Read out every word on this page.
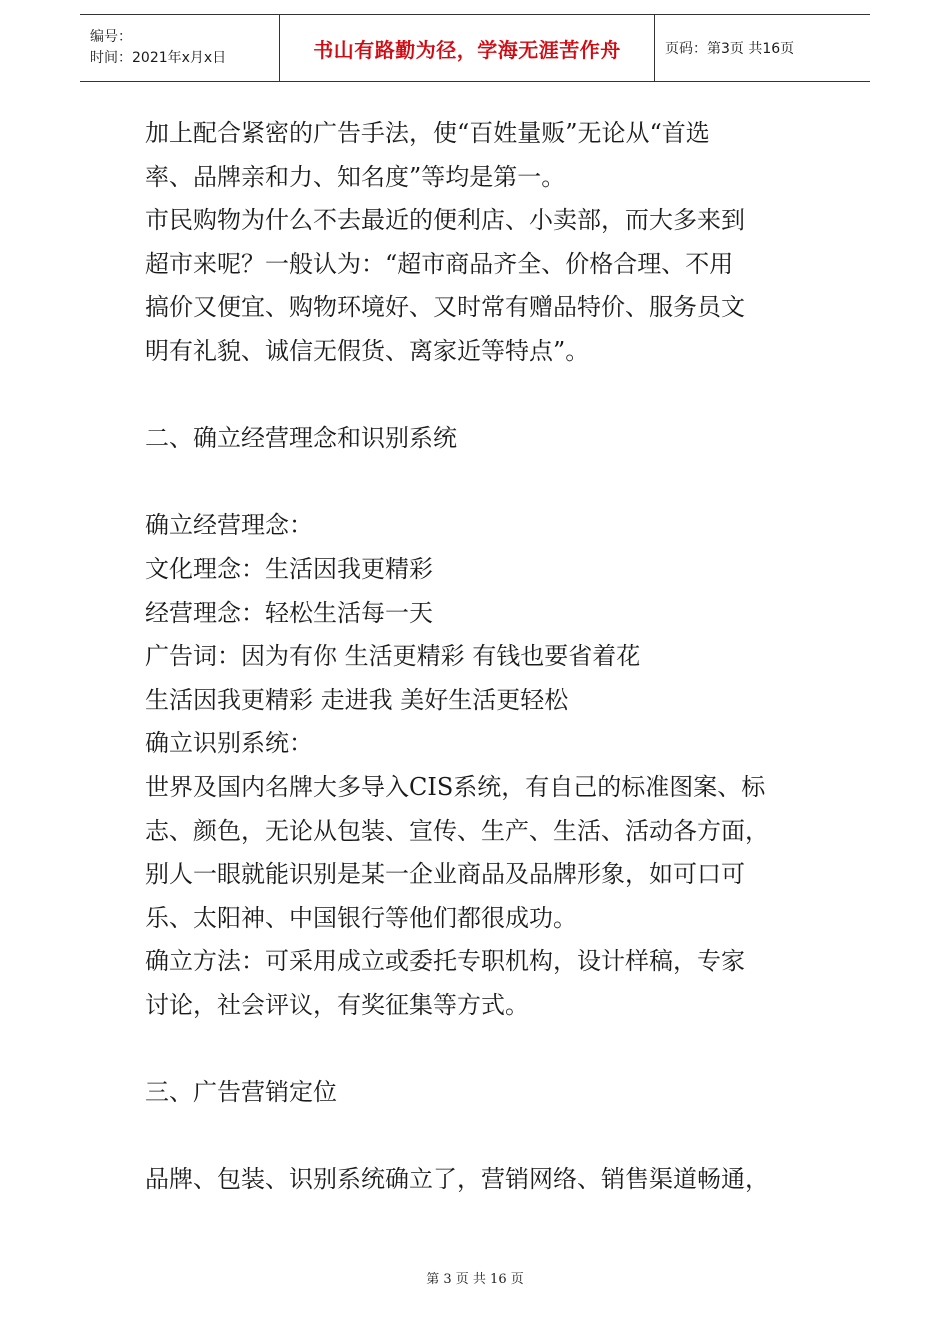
编号：
时间：2021年x月x日	书山有路勤为径，学海无涯苦作舟	页码：第3页 共16页

加上配合紧密的广告手法，使“百姓量贩”无论从“首选

率、品牌亲和力、知名度”等均是第一。

市民购物为什么不去最近的便利店、小卖部，而大多来到

超市来呢？一般认为：“超市商品齐全、价格合理、不用

搞价又便宜、购物环境好、又时常有赠品特价、服务员文

明有礼貌、诚信无假货、离家近等特点”。

二、确立经营理念和识别系统

确立经营理念：

文化理念：生活因我更精彩

经营理念：轻松生活每一天

广告词：因为有你 生活更精彩 有钱也要省着花

生活因我更精彩 走进我 美好生活更轻松

确立识别系统：

世界及国内名牌大多导入CIS系统，有自己的标准图案、标

志、颜色，无论从包装、宣传、生产、生活、活动各方面，

别人一眼就能识别是某一企业商品及品牌形象，如可口可

乐、太阳神、中国银行等他们都很成功。

确立方法：可采用成立或委托专职机构，设计样稿，专家

讨论，社会评议，有奖征集等方式。

三、广告营销定位

品牌、包装、识别系统确立了，营销网络、销售渠道畅通，

第 3 页 共 16 页
